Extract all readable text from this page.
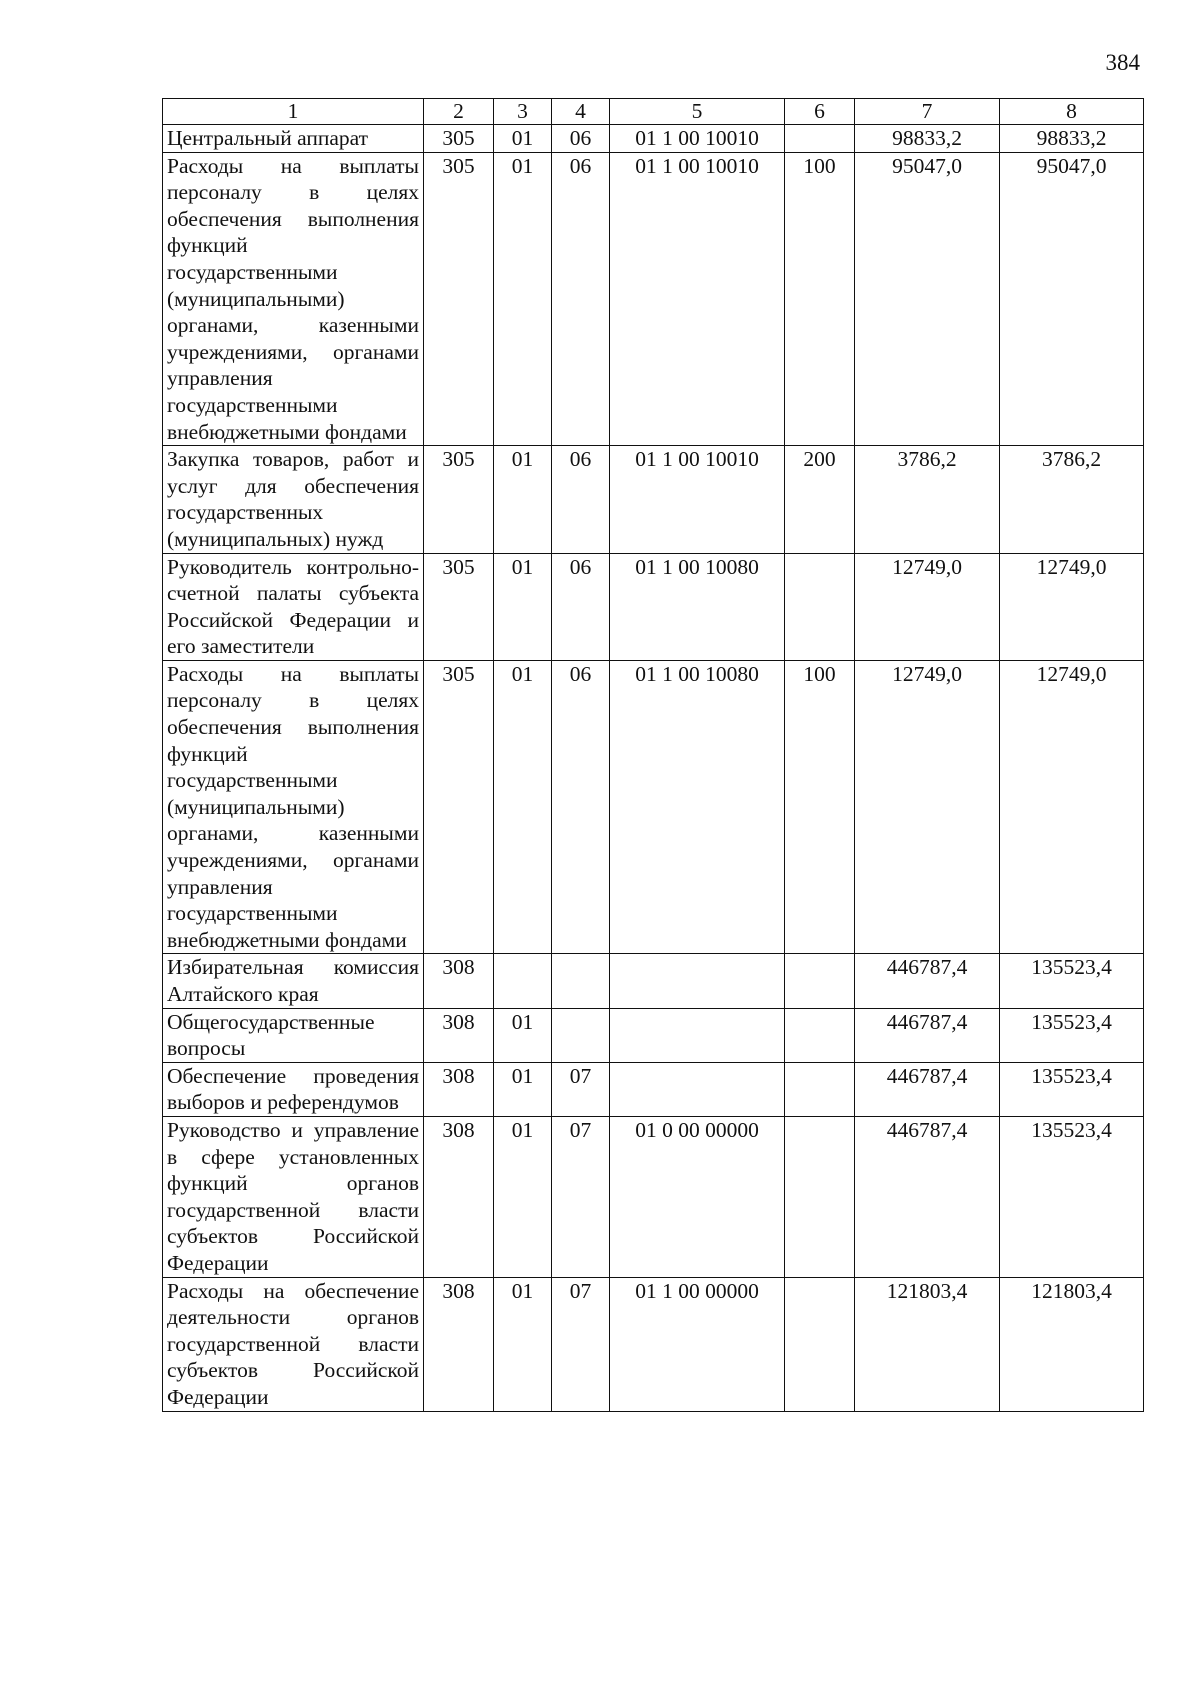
384
1	2	3	4	5	6	7	8
Центральный аппарат	305	01	06	01 1 00 10010		98833,2	98833,2
Расходы на выплаты персоналу в целях обеспечения выполнения функций государственными (муниципальными) органами, казенными учреждениями, органами управления государственными внебюджетными фондами	305	01	06	01 1 00 10010	100	95047,0	95047,0
Закупка товаров, работ и услуг для обеспечения государственных (муниципальных) нужд	305	01	06	01 1 00 10010	200	3786,2	3786,2
Руководитель контрольно-счетной палаты субъекта Российской Федерации и его заместители	305	01	06	01 1 00 10080		12749,0	12749,0
Расходы на выплаты персоналу в целях обеспечения выполнения функций государственными (муниципальными) органами, казенными учреждениями, органами управления государственными внебюджетными фондами	305	01	06	01 1 00 10080	100	12749,0	12749,0
Избирательная комиссия Алтайского края	308					446787,4	135523,4
Общегосударственные вопросы	308	01				446787,4	135523,4
Обеспечение проведения выборов и референдумов	308	01	07			446787,4	135523,4
Руководство и управление в сфере установленных функций органов государственной власти субъектов Российской Федерации	308	01	07	01 0 00 00000		446787,4	135523,4
Расходы на обеспечение деятельности органов государственной власти субъектов Российской Федерации	308	01	07	01 1 00 00000		121803,4	121803,4
